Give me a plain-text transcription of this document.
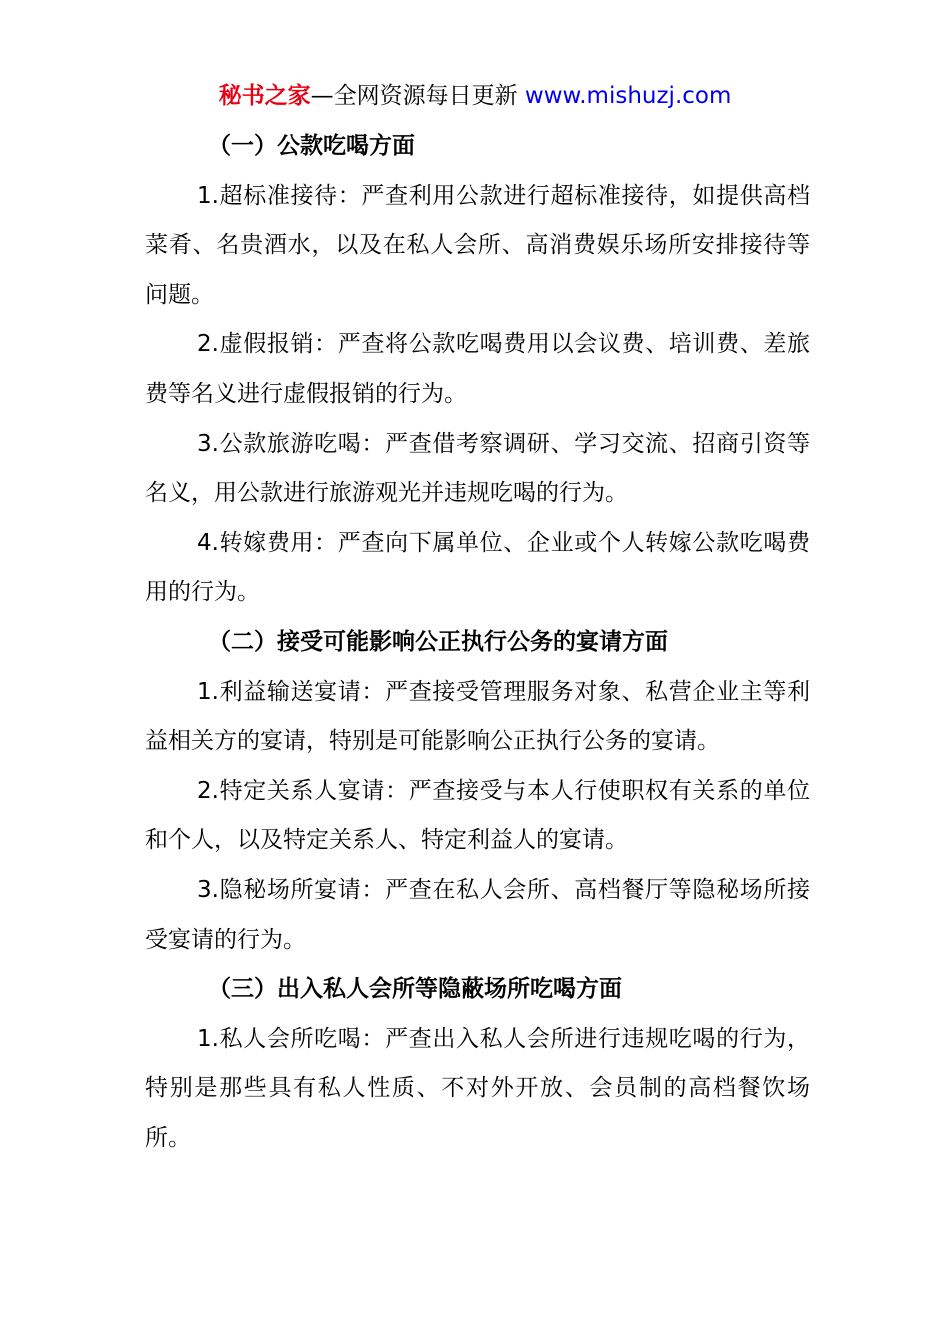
秘书之家—全网资源每日更新 www.mishuzj.com

（一）公款吃喝方面

1.超标准接待：严查利用公款进行超标准接待，如提供高档菜肴、名贵酒水，以及在私人会所、高消费娱乐场所安排接待等问题。

2.虚假报销：严查将公款吃喝费用以会议费、培训费、差旅费等名义进行虚假报销的行为。

3.公款旅游吃喝：严查借考察调研、学习交流、招商引资等名义，用公款进行旅游观光并违规吃喝的行为。

4.转嫁费用：严查向下属单位、企业或个人转嫁公款吃喝费用的行为。

（二）接受可能影响公正执行公务的宴请方面

1.利益输送宴请：严查接受管理服务对象、私营企业主等利益相关方的宴请，特别是可能影响公正执行公务的宴请。

2.特定关系人宴请：严查接受与本人行使职权有关系的单位和个人，以及特定关系人、特定利益人的宴请。

3.隐秘场所宴请：严查在私人会所、高档餐厅等隐秘场所接受宴请的行为。

（三）出入私人会所等隐蔽场所吃喝方面

1.私人会所吃喝：严查出入私人会所进行违规吃喝的行为，特别是那些具有私人性质、不对外开放、会员制的高档餐饮场所。
